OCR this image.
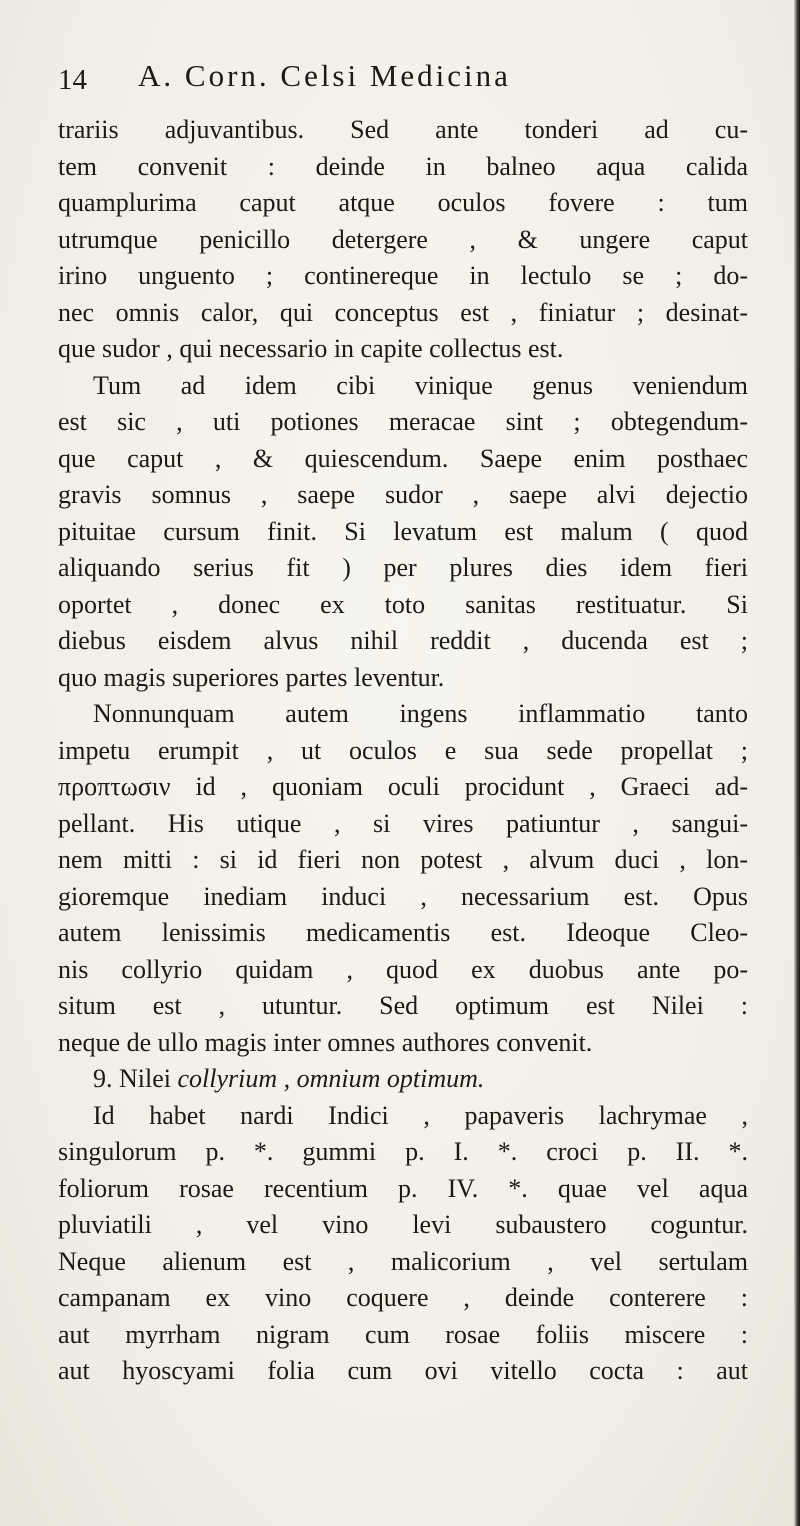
14 A. Corn. Celsi Medicina
trariis adjuvantibus. Sed ante tonderi ad cu-
tem convenit : deinde in balneo aqua calida
quamplurima caput atque oculos fovere : tum
utrumque penicillo detergere , & ungere caput
irino unguento ; continereque in lectulo se ; do-
nec omnis calor, qui conceptus est , finiatur ; desinat-
que sudor , qui necessario in capite collectus est.
Tum ad idem cibi vinique genus veniendum
est sic , uti potiones meracae sint ; obtegendum-
que caput , & quiescendum. Saepe enim posthaec
gravis somnus , saepe sudor , saepe alvi dejectio
pituitae cursum finit. Si levatum est malum ( quod
aliquando serius fit ) per plures dies idem fieri
oportet , donec ex toto sanitas restituatur. Si
diebus eisdem alvus nihil reddit , ducenda est ;
quo magis superiores partes leventur.
Nonnunquam autem ingens inflammatio tanto
impetu erumpit , ut oculos e sua sede propellat ;
προπτωσιν id , quoniam oculi procidunt , Graeci ad-
pellant. His utique , si vires patiuntur , sangui-
nem mitti : si id fieri non potest , alvum duci , lon-
gioremque inediam induci , necessarium est. Opus
autem lenissimis medicamentis est. Ideoque Cleo-
nis collyrio quidam , quod ex duobus ante po-
situm est , utuntur. Sed optimum est Nilei :
neque de ullo magis inter omnes authores convenit.
9. Nilei collyrium , omnium optimum.
Id habet nardi Indici , papaveris lachrymae ,
singulorum p. *. gummi p. I. *. croci p. II. *.
foliorum rosae recentium p. IV. *. quae vel aqua
pluviatili , vel vino levi subaustero coguntur.
Neque alienum est , malicorium , vel sertulam
campanam ex vino coquere , deinde conterere :
aut myrrham nigram cum rosae foliis miscere :
aut hyoscyami folia cum ovi vitello cocta : aut
